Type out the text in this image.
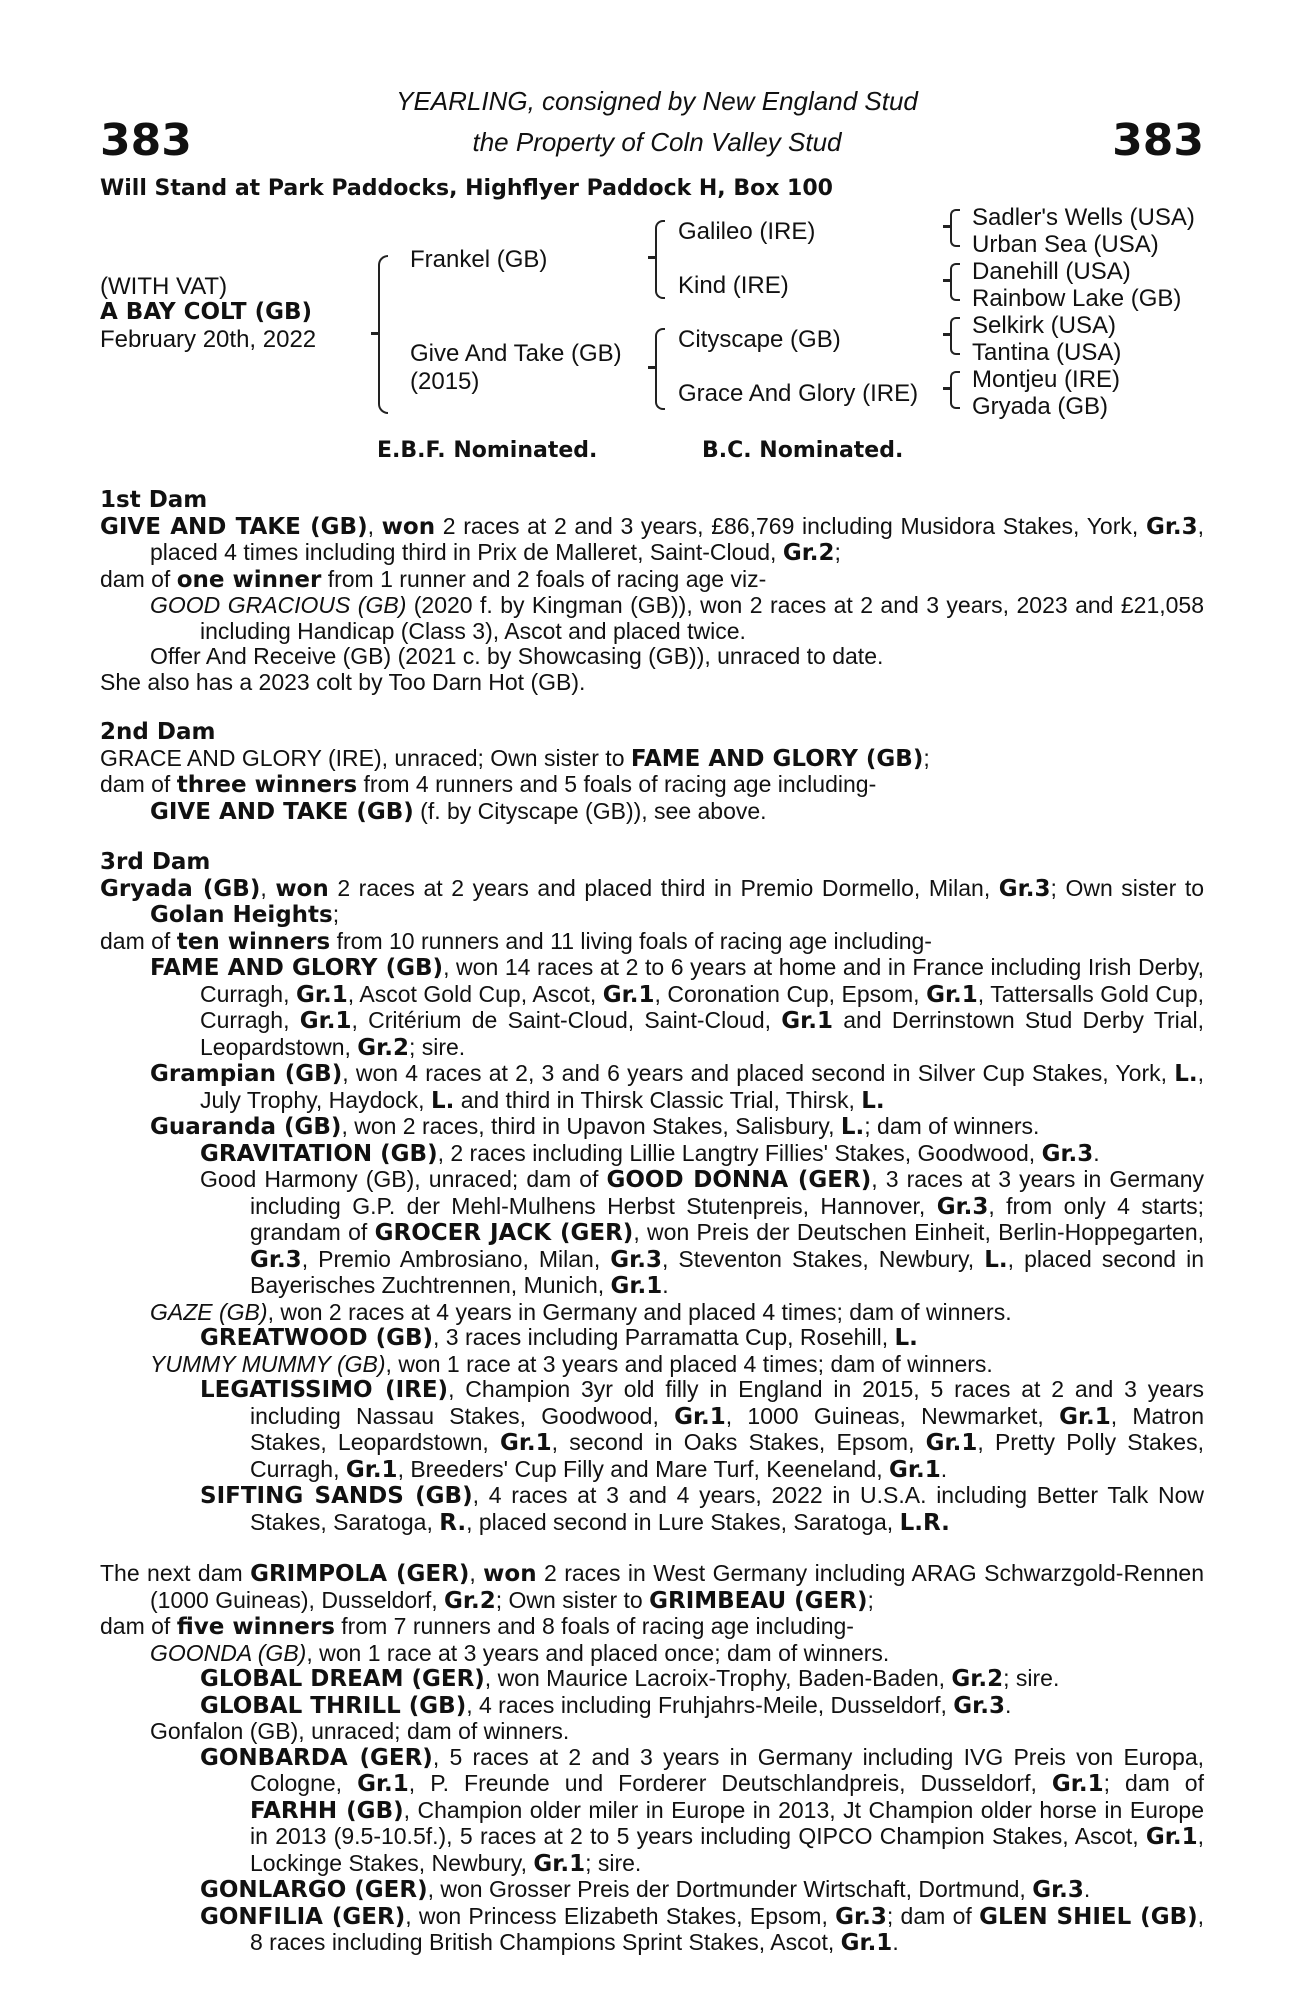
383	383
YEARLING, consigned by New England Stud
the Property of Coln Valley Stud
Will Stand at Park Paddocks, Highflyer Paddock H, Box 100
(WITH VAT)
A BAY COLT (GB)
February 20th, 2022
Frankel (GB)
Give And Take (GB)
(2015)
Galileo (IRE)
Kind (IRE)
Cityscape (GB)
Grace And Glory (IRE)
Sadler's Wells (USA)
Urban Sea (USA)
Danehill (USA)
Rainbow Lake (GB)
Selkirk (USA)
Tantina (USA)
Montjeu (IRE)
Gryada (GB)
E.B.F. Nominated.	B.C. Nominated.
1st Dam

GIVE AND TAKE (GB), won 2 races at 2 and 3 years, £86,769 including Musidora Stakes, York, Gr.3, placed 4 times including third in Prix de Malleret, Saint-Cloud, Gr.2;

dam of one winner from 1 runner and 2 foals of racing age viz-

GOOD GRACIOUS (GB) (2020 f. by Kingman (GB)), won 2 races at 2 and 3 years, 2023 and £21,058 including Handicap (Class 3), Ascot and placed twice.

Offer And Receive (GB) (2021 c. by Showcasing (GB)), unraced to date.

She also has a 2023 colt by Too Darn Hot (GB).

2nd Dam

GRACE AND GLORY (IRE), unraced; Own sister to FAME AND GLORY (GB);

dam of three winners from 4 runners and 5 foals of racing age including-

GIVE AND TAKE (GB) (f. by Cityscape (GB)), see above.

3rd Dam

Gryada (GB), won 2 races at 2 years and placed third in Premio Dormello, Milan, Gr.3; Own sister to Golan Heights;

dam of ten winners from 10 runners and 11 living foals of racing age including-

FAME AND GLORY (GB), won 14 races at 2 to 6 years at home and in France including Irish Derby, Curragh, Gr.1, Ascot Gold Cup, Ascot, Gr.1, Coronation Cup, Epsom, Gr.1, Tattersalls Gold Cup, Curragh, Gr.1, Critérium de Saint-Cloud, Saint-Cloud, Gr.1 and Derrinstown Stud Derby Trial, Leopardstown, Gr.2; sire.

Grampian (GB), won 4 races at 2, 3 and 6 years and placed second in Silver Cup Stakes, York, L., July Trophy, Haydock, L. and third in Thirsk Classic Trial, Thirsk, L.

Guaranda (GB), won 2 races, third in Upavon Stakes, Salisbury, L.; dam of winners.

GRAVITATION (GB), 2 races including Lillie Langtry Fillies' Stakes, Goodwood, Gr.3.

Good Harmony (GB), unraced; dam of GOOD DONNA (GER), 3 races at 3 years in Germany including G.P. der Mehl-Mulhens Herbst Stutenpreis, Hannover, Gr.3, from only 4 starts; grandam of GROCER JACK (GER), won Preis der Deutschen Einheit, Berlin-Hoppegarten, Gr.3, Premio Ambrosiano, Milan, Gr.3, Steventon Stakes, Newbury, L., placed second in Bayerisches Zuchtrennen, Munich, Gr.1.

GAZE (GB), won 2 races at 4 years in Germany and placed 4 times; dam of winners.

GREATWOOD (GB), 3 races including Parramatta Cup, Rosehill, L.

YUMMY MUMMY (GB), won 1 race at 3 years and placed 4 times; dam of winners.

LEGATISSIMO (IRE), Champion 3yr old filly in England in 2015, 5 races at 2 and 3 years including Nassau Stakes, Goodwood, Gr.1, 1000 Guineas, Newmarket, Gr.1, Matron Stakes, Leopardstown, Gr.1, second in Oaks Stakes, Epsom, Gr.1, Pretty Polly Stakes, Curragh, Gr.1, Breeders' Cup Filly and Mare Turf, Keeneland, Gr.1.

SIFTING SANDS (GB), 4 races at 3 and 4 years, 2022 in U.S.A. including Better Talk Now Stakes, Saratoga, R., placed second in Lure Stakes, Saratoga, L.R.

The next dam GRIMPOLA (GER), won 2 races in West Germany including ARAG Schwarzgold-Rennen (1000 Guineas), Dusseldorf, Gr.2; Own sister to GRIMBEAU (GER);

dam of five winners from 7 runners and 8 foals of racing age including-

GOONDA (GB), won 1 race at 3 years and placed once; dam of winners.

GLOBAL DREAM (GER), won Maurice Lacroix-Trophy, Baden-Baden, Gr.2; sire.

GLOBAL THRILL (GB), 4 races including Fruhjahrs-Meile, Dusseldorf, Gr.3.

Gonfalon (GB), unraced; dam of winners.

GONBARDA (GER), 5 races at 2 and 3 years in Germany including IVG Preis von Europa, Cologne, Gr.1, P. Freunde und Forderer Deutschlandpreis, Dusseldorf, Gr.1; dam of FARHH (GB), Champion older miler in Europe in 2013, Jt Champion older horse in Europe in 2013 (9.5-10.5f.), 5 races at 2 to 5 years including QIPCO Champion Stakes, Ascot, Gr.1, Lockinge Stakes, Newbury, Gr.1; sire.

GONLARGO (GER), won Grosser Preis der Dortmunder Wirtschaft, Dortmund, Gr.3.

GONFILIA (GER), won Princess Elizabeth Stakes, Epsom, Gr.3; dam of GLEN SHIEL (GB), 8 races including British Champions Sprint Stakes, Ascot, Gr.1.
